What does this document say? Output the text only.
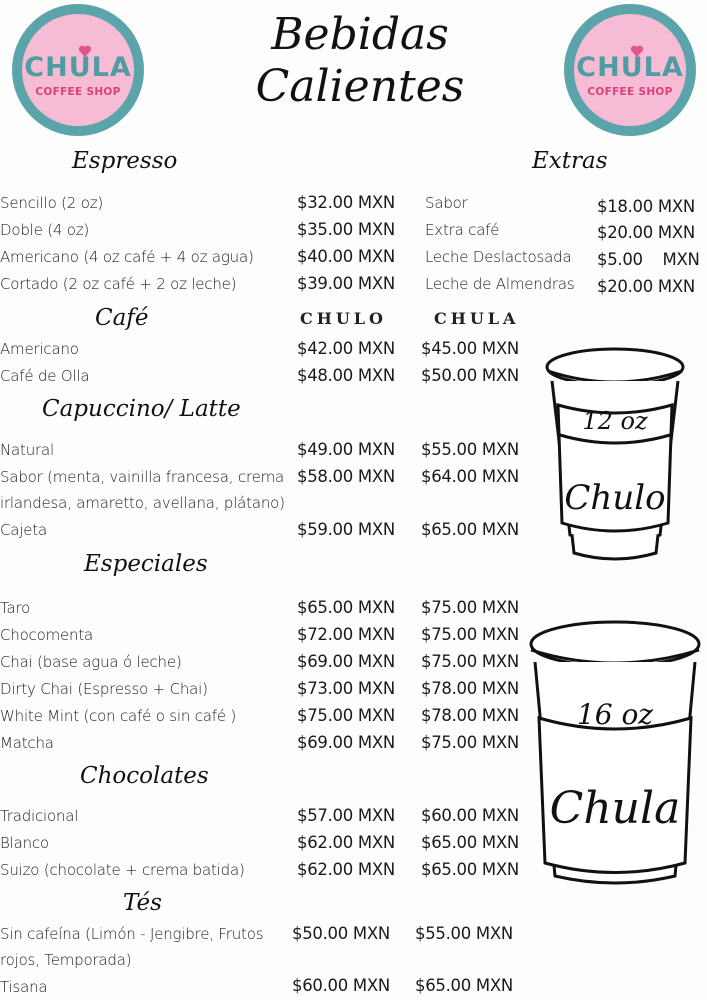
CHULA
COFFEE SHOP
CHULA
COFFEE SHOP
Bebidas
Calientes
Espresso	Extras
Café
Capuccino/ Latte
Especiales
Chocolates
Tés
CHULO	CHULA
Sencillo (2 oz)	$32.00 MXN
Doble (4 oz)	$35.00 MXN
Americano (4 oz café + 4 oz agua)	$40.00 MXN
Cortado (2 oz café + 2 oz leche)	$39.00 MXN
Sabor	$18.00 MXN
Extra café	$20.00 MXN
Leche Deslactosada $5.00    MXN
Leche de Almendras $20.00 MXN
Americano	$42.00 MXN $45.00 MXN
Café de Olla	$48.00 MXN $50.00 MXN
Natural	$49.00 MXN $55.00 MXN
Sabor (menta, vainilla francesa, crema
irlandesa, amaretto, avellana, plátano)
$58.00 MXN $64.00 MXN
Cajeta	$59.00 MXN $65.00 MXN
Taro	$65.00 MXN $75.00 MXN
Chocomenta	$72.00 MXN $75.00 MXN
Chai (base agua ó leche)	$69.00 MXN $75.00 MXN
Dirty Chai (Espresso + Chai)	$73.00 MXN $78.00 MXN
White Mint (con café o sin café )	$75.00 MXN $78.00 MXN
Matcha	$69.00 MXN $75.00 MXN
Tradicional	$57.00 MXN $60.00 MXN
Blanco	$62.00 MXN $65.00 MXN
Suizo (chocolate + crema batida)	$62.00 MXN $65.00 MXN
Sin cafeína (Limón - Jengibre, Frutos
rojos, Temporada)
$50.00 MXN $55.00 MXN
Tisana	$60.00 MXN $65.00 MXN
12 oz
Chulo
16 oz
Chula
